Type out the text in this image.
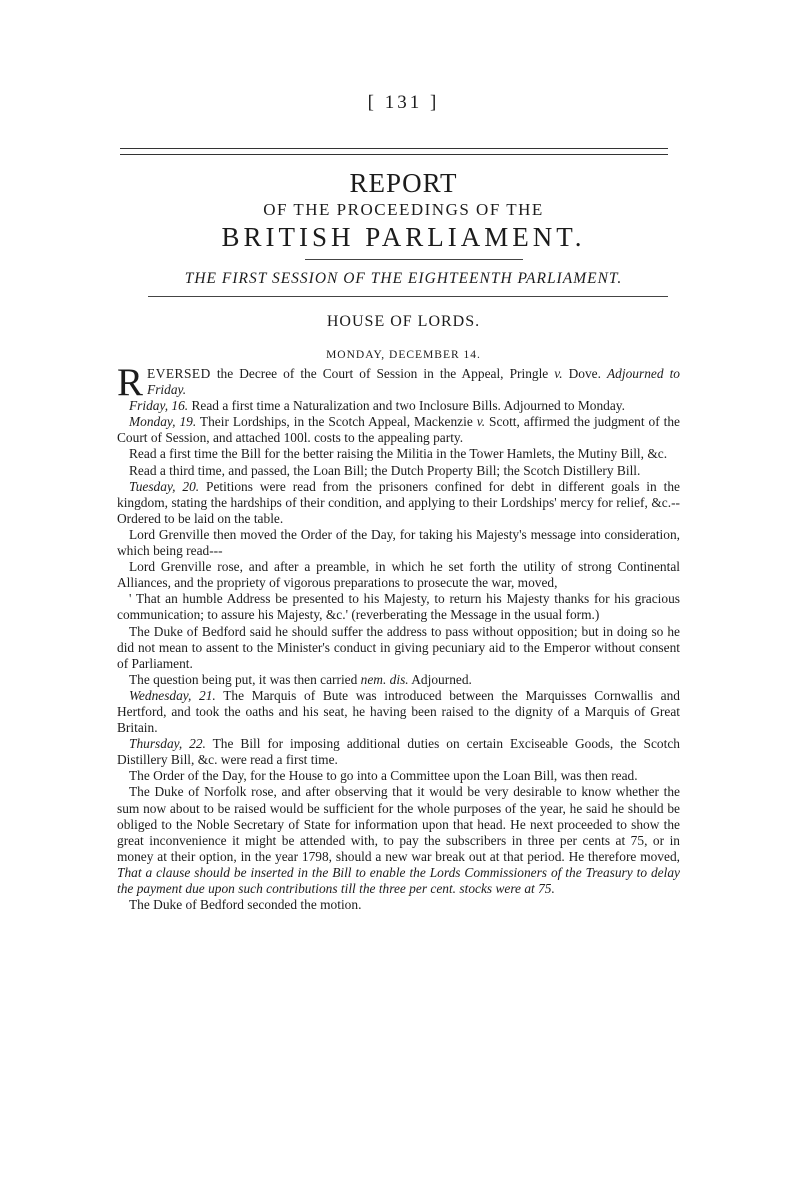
[ 131 ]
REPORT
OF THE PROCEEDINGS OF THE
BRITISH PARLIAMENT.
THE FIRST SESSION OF THE EIGHTEENTH PARLIAMENT.
HOUSE OF LORDS.
MONDAY, DECEMBER 14.

REVERSED the Decree of the Court of Session in the Appeal, Pringle v. Dove. Adjourned to Friday.

Friday, 16. Read a first time a Naturalization and two Inclosure Bills. Adjourned to Monday.

Monday, 19. Their Lordships, in the Scotch Appeal, Mackenzie v. Scott, affirmed the judgment of the Court of Session, and attached 100l. costs to the appealing party.

Read a first time the Bill for the better raising the Militia in the Tower Hamlets, the Mutiny Bill, &c.

Read a third time, and passed, the Loan Bill; the Dutch Property Bill; the Scotch Distillery Bill.

Tuesday, 20. Petitions were read from the prisoners confined for debt in different goals in the kingdom, stating the hardships of their condition, and applying to their Lordships' mercy for relief, &c.--Ordered to be laid on the table.

Lord Grenville then moved the Order of the Day, for taking his Majesty's message into consideration, which being read---

Lord Grenville rose, and after a preamble, in which he set forth the utility of strong Continental Alliances, and the propriety of vigorous preparations to prosecute the war, moved,

' That an humble Address be presented to his Majesty, to return his Majesty thanks for his gracious communication; to assure his Majesty, &c.' (reverberating the Message in the usual form.)

The Duke of Bedford said he should suffer the address to pass without opposition; but in doing so he did not mean to assent to the Minister's conduct in giving pecuniary aid to the Emperor without consent of Parliament.

The question being put, it was then carried nem. dis. Adjourned.

Wednesday, 21. The Marquis of Bute was introduced between the Marquisses Cornwallis and Hertford, and took the oaths and his seat, he having been raised to the dignity of a Marquis of Great Britain.

Thursday, 22. The Bill for imposing additional duties on certain Exciseable Goods, the Scotch Distillery Bill, &c. were read a first time.

The Order of the Day, for the House to go into a Committee upon the Loan Bill, was then read.

The Duke of Norfolk rose, and after observing that it would be very desirable to know whether the sum now about to be raised would be sufficient for the whole purposes of the year, he said he should be obliged to the Noble Secretary of State for information upon that head. He next proceeded to show the great inconvenience it might be attended with, to pay the subscribers in three per cents at 75, or in money at their option, in the year 1798, should a new war break out at that period. He therefore moved, That a clause should be inserted in the Bill to enable the Lords Commissioners of the Treasury to delay the payment due upon such contributions till the three per cent. stocks were at 75.

The Duke of Bedford seconded the motion.
